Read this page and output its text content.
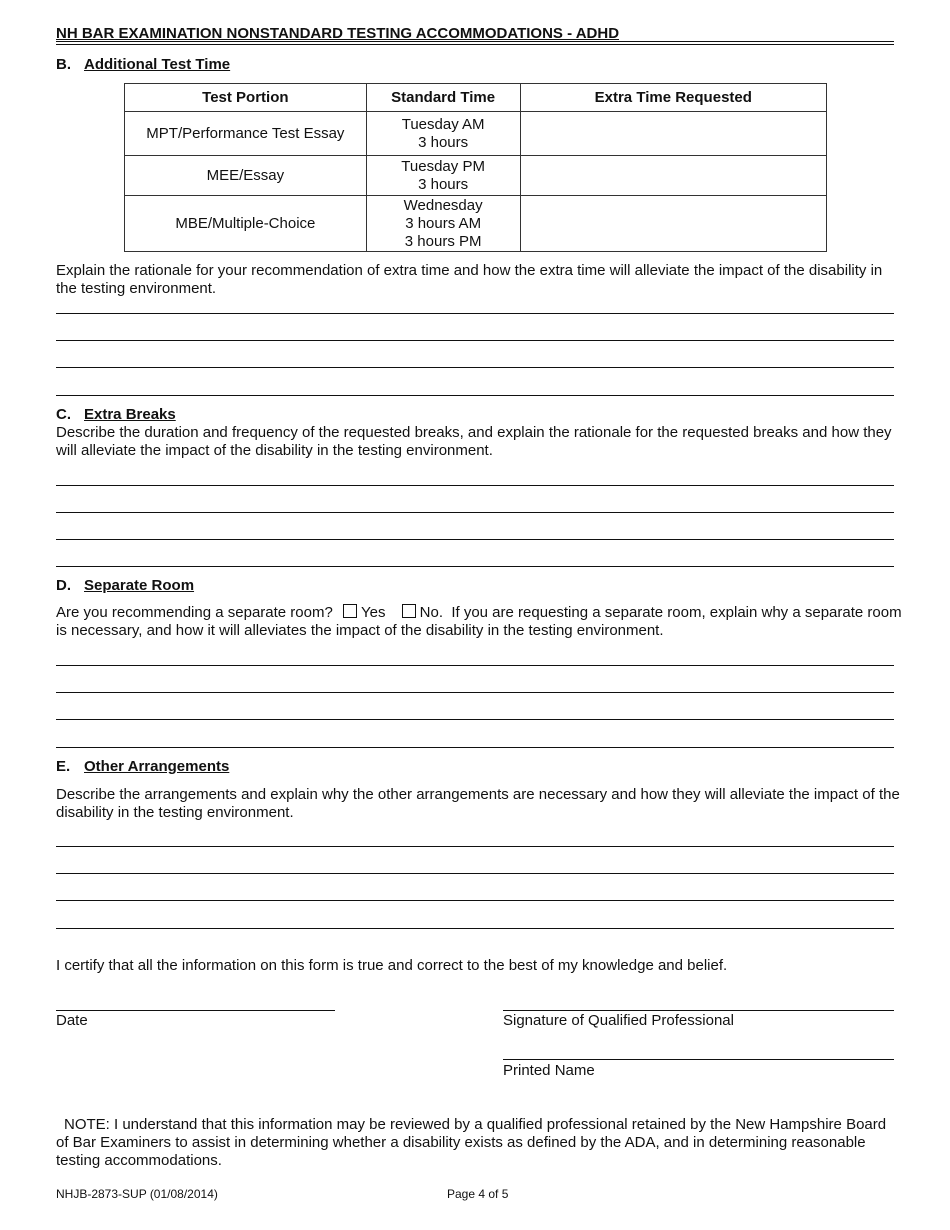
NH BAR EXAMINATION NONSTANDARD TESTING ACCOMMODATIONS - ADHD
B. Additional Test Time
Test Portion	Standard Time	Extra Time Requested
MPT/Performance Test Essay	Tuesday AM
3 hours	

MEE/Essay	Tuesday PM
3 hours	

MBE/Multiple-Choice	Wednesday
3 hours AM
3 hours PM	

Explain the rationale for your recommendation of extra time and how the extra time will alleviate the impact of the disability in the testing environment.
C. Extra Breaks
Describe the duration and frequency of the requested breaks, and explain the rationale for the requested breaks and how they will alleviate the impact of the disability in the testing environment.
D. Separate Room
Are you recommending a separate room? Yes No. If you are requesting a separate room, explain why a separate room is necessary, and how it will alleviates the impact of the disability in the testing environment.
E. Other Arrangements
Describe the arrangements and explain why the other arrangements are necessary and how they will alleviate the impact of the disability in the testing environment.
I certify that all the information on this form is true and correct to the best of my knowledge and belief.
Date	Signature of Qualified Professional
Printed Name
NOTE: I understand that this information may be reviewed by a qualified professional retained by the New Hampshire Board of Bar Examiners to assist in determining whether a disability exists as defined by the ADA, and in determining reasonable testing accommodations.
NHJB-2873-SUP (01/08/2014)	Page 4 of 5
